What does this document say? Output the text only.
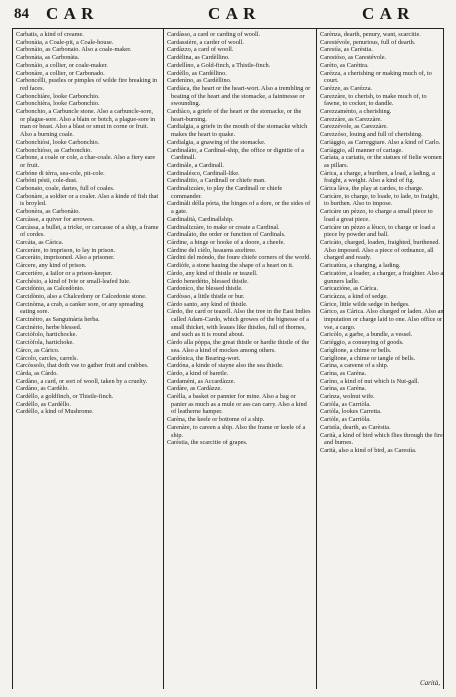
84 C A R	C A R	C A R

Carbatis, a kind of creame.

Carbonàia, a Coale-pit, a Coale-house.

Carbonàio, as Carbonaio. Also a coale-maker.

Carbonàta, as Carbonàta.

Carbonàio, a collier, or coale-maker.

Carbonàre, a collier, or Carbonado.

Carboncélli, pustles or pimples of wilde fire breaking in red faces.

Carbonchiàre, looke Carbonchio.

Carbonchièra, looke Carbonchio.

Carbonchio, a Carbuncle stone. Also a carbuncle-sore, or plague-sore. Also a blain or botch, a plague-sore in man or beast. Also a blast or smut in corne or fruit. Also a burning coale.

Carbonchiòsi, looke Carbonchio.

Carbonchiòso, as Carbonchio.

Carbone, a coale or cole, a char-coale. Also a fiery eare or fruit.

Carbóne di térra, sea-cole, pit-cole.

Carbóni pésti, cole-dust.

Carbonato, coale, dartes, full of coales.

Carbonàre, a soldier or a coaler. Also a kinde of fish that is broyled.

Carbonèra, as Carbonàio.

Carcàsse, a quiver for arrowes.

Carcàssa, a bullet, a tricke, or carcasse of a ship, a frame of cordes.

Carcàta, as Cárica.

Carceràre, to imprison, to lay in prison.

Carceràto, imprisoned. Also a prisoner.

Cárcere, any kind of prison.

Carceriéro, a Iailor or a prison-keeper.

Carchèsio, a kind of Ivie or small-leafed Iuie.

Carcidònio, as Calcedònio.

Carcidònio, also a Chalcedony or Calcedonie stone.

Carcinòma, a crab, a canker sore, or any spreading eating sore.

Carcinètro, as Sanguinària herba.

Carcinèrio, herbe blessed.

Carciòfolo, hartichocke.

Carciòfola, hartichoke.

Cárco, as Cárico.

Cárcolo, carcles, carrels.

Carcòssolo, that doth vse to gather fruit and crabbes.

Càrda, as Càrdo.

Cardàno, a card, or sort of wooll, taken by a cruelty.

Cardàno, as Cardèlo.

Cardèllo, a goldfinch, or Thistle-finch.

Cardèllo, as Cardèllo.

Cardèllo, a kind of Mushrome.

Cardàsso, a card or carding of wooll.

Cardassière, a carder of wooll.

Cardàzzo, a card of wooll.

Cardèlina, as Cardèllino.

Cardellìno, a Gold-finch, a Thistle-finch.

Cardèllo, as Cardèllino.

Cardenìno, as Cardèllino.

Cardiàca, the heart or the heart-wort. Also a trembling or beating of the heart and the stomacke, a faintnesse or swounding.

Cardiàco, a griefe of the heart or the stomacke, or the heart-burning.

Cardialgia, a griefe in the mouth of the stomacke which makes the heart to quake.

Cardialgia, a gnawing of the stomacke.

Cardinalàto, a Cardinal-ship, the office or dignitie of a Cardinall.

Cardinàle, a Cardinall.

Cardinalésco, Cardinall-like.

Cardinalitio, a Cardinall or chiefe man.

Cardinalizzàre, to play the Cardinall or chiefe commander.

Cardinàli délla pórta, the hinges of a dore, or the sides of a gate.

Cardinalità, Cardinallship.

Cardinalizzàre, to make or create a Cardinal.

Cardinalàto, the order or function of Cardinals.

Cárdine, a hinge or hooke of a doore, a cheefe.

Càrdine del cièlo, heauens axeltree.

Càrdini del móndo, the foure chiefe corners of the world.

Cardiòfe, a stone hauing the shape of a heart on it.

Càrdo, any kind of thistle or teazell.

Càrdo benedétto, blessed thistle.

Cardonìco, the blessed thistle.

Cardòsso, a little thistle or bur.

Càrdo santo, any kind of thistle.

Càrdo, the card or teazell. Also the tree in the East Indies called Adam-Cardo, which growes of the bignesse of a small thicket, with leaues like thistles, full of thornes, and such as it is round about.

Càrdo alla pòppa, the great thistle or hardie thistle of the sea. Also a kind of mockes among others.

Cardónica, the Bearing-wort.

Cardóna, a kinde of stayne also the sea thistle.

Càrdo, a kind of baretle.

Cardaméni, as Accardàzze.

Cardàre, as Cardàzze.

Carèlla, a basket or pannier for mine. Also a bag or panier as much as a mule or ass can carry. Also a kind of leatherne hamper.

Carèna, the keele or bottome of a ship.

Carenàre, to careen a ship. Also the frame or keele of a ship.

Carèstia, the scarcitie of grapes.

Carènza, dearth, penury, want, scarcitie.

Carestévole, penurious, full of dearth.

Carestìa, as Carèstia.

Carestóso, as Carestévole.

Carèto, as Carèttra.

Carézza, a cherishing or making much of, to court.

Carézze, as Carézza.

Carezzàre, to cherish, to make much of, to fawne, to cocker, to dandle.

Carezzaménto, a cherishing.

Carezzàre, as Carezzàre.

Carezzévole, as Carezzàre.

Carezzóso, louing and full of cherishing.

Cariàggio, as Carreggiare. Also a kind of Carlo.

Cariàggio, all manner of cariage.

Carìata, a cariatis, or the statues of fielie women as pillars.

Cárica, a charge, a burthen, a load, a lading, a fraight, a weight. Also a kind of fig.

Cárica làva, the play at cardes, to charge.

Caricàre, to charge, to loade, to lade, to fraight, to burthen. Also to impose.

Caricàre un pèzzo, to charge a small piece to load a great piece.

Caricàre un pèzzo a lèuco, to charge or load a piece by powder and ball.

Caricàto, charged, loaden, fraighted, burthened. Also imposed. Also a piece of ordnance, all charged and ready.

Caricatùra, a charging, a lading.

Caricatóre, a loader, a charger, a fraighter. Also a gunners ladle.

Caricazióne, as Cárica.

Caricàzza, a kind of sedge.

Càrice, little wilde sedge in hedges.

Cárico, as Cárica. Also charged or laden. Also an imputation or charge laid to one. Also office or vse, a cargo.

Caricòlo, a garbe, a bundle, a vessel.

Carièggio, a conueying of goods.

Carìglione, a chime or bells.

Carìglione, a chime or iangle of bells.

Carìna, a careene of a ship.

Carìna, as Carèna.

Carìno, a kind of nut which is Nut-gall.

Carìna, as Carèna.

Carìnza, wolnut wife.

Cariòla, as Carriòla.

Cariòla, lookes Carretta.

Cariòle, as Carriòla.

Caristìa, dearth, as Carèstia.

Carità, a kind of bird which flies through the fire and burnes.

Carità, also a kind of bird, as Carestìa.

Carità,
